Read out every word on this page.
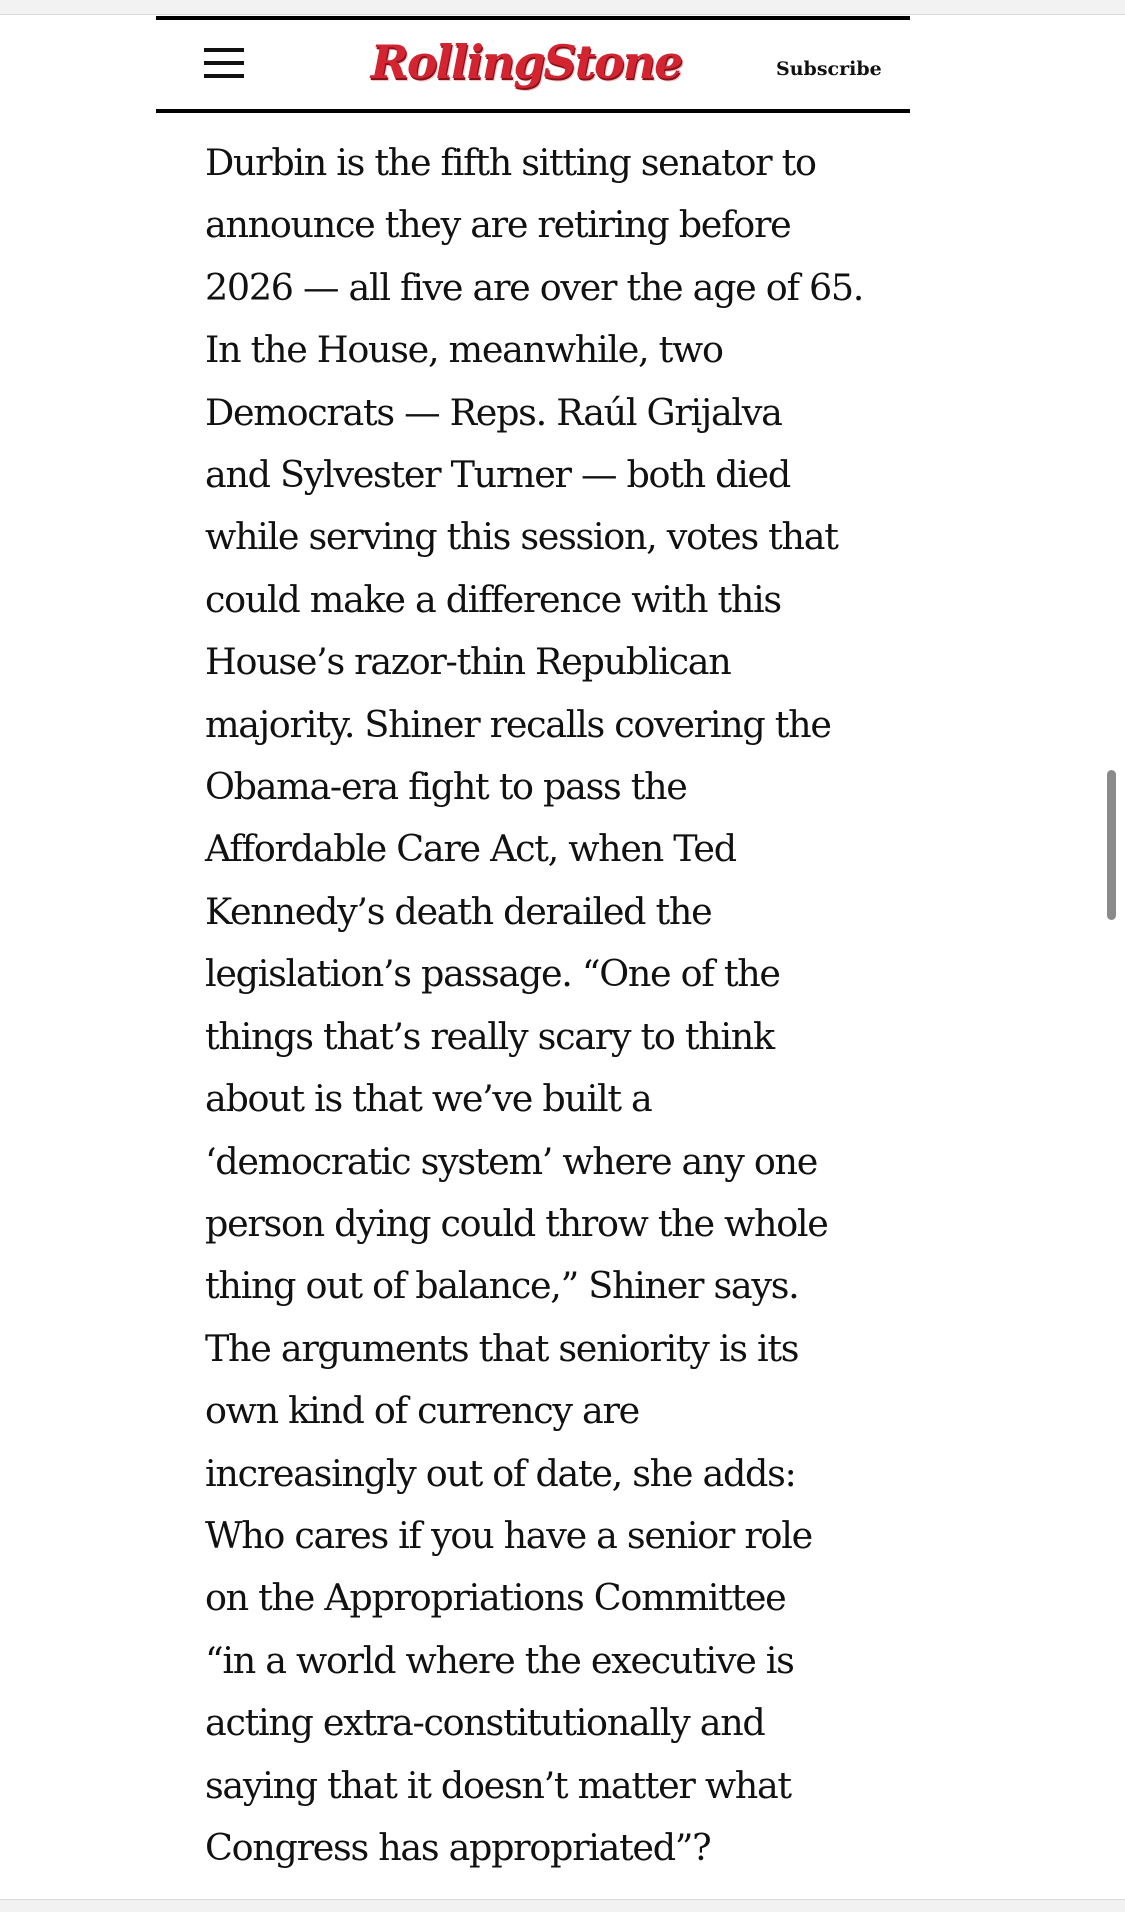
RollingStone	Subscribe

Durbin is the fifth sitting senator to
announce they are retiring before
2026 — all five are over the age of 65.
In the House, meanwhile, two
Democrats — Reps. Raúl Grijalva
and Sylvester Turner — both died
while serving this session, votes that
could make a difference with this
House’s razor-thin Republican
majority. Shiner recalls covering the
Obama-era fight to pass the
Affordable Care Act, when Ted
Kennedy’s death derailed the
legislation’s passage. “One of the
things that’s really scary to think
about is that we’ve built a
‘democratic system’ where any one
person dying could throw the whole
thing out of balance,” Shiner says.
The arguments that seniority is its
own kind of currency are
increasingly out of date, she adds:
Who cares if you have a senior role
on the Appropriations Committee
“in a world where the executive is
acting extra-constitutionally and
saying that it doesn’t matter what
Congress has appropriated”?
